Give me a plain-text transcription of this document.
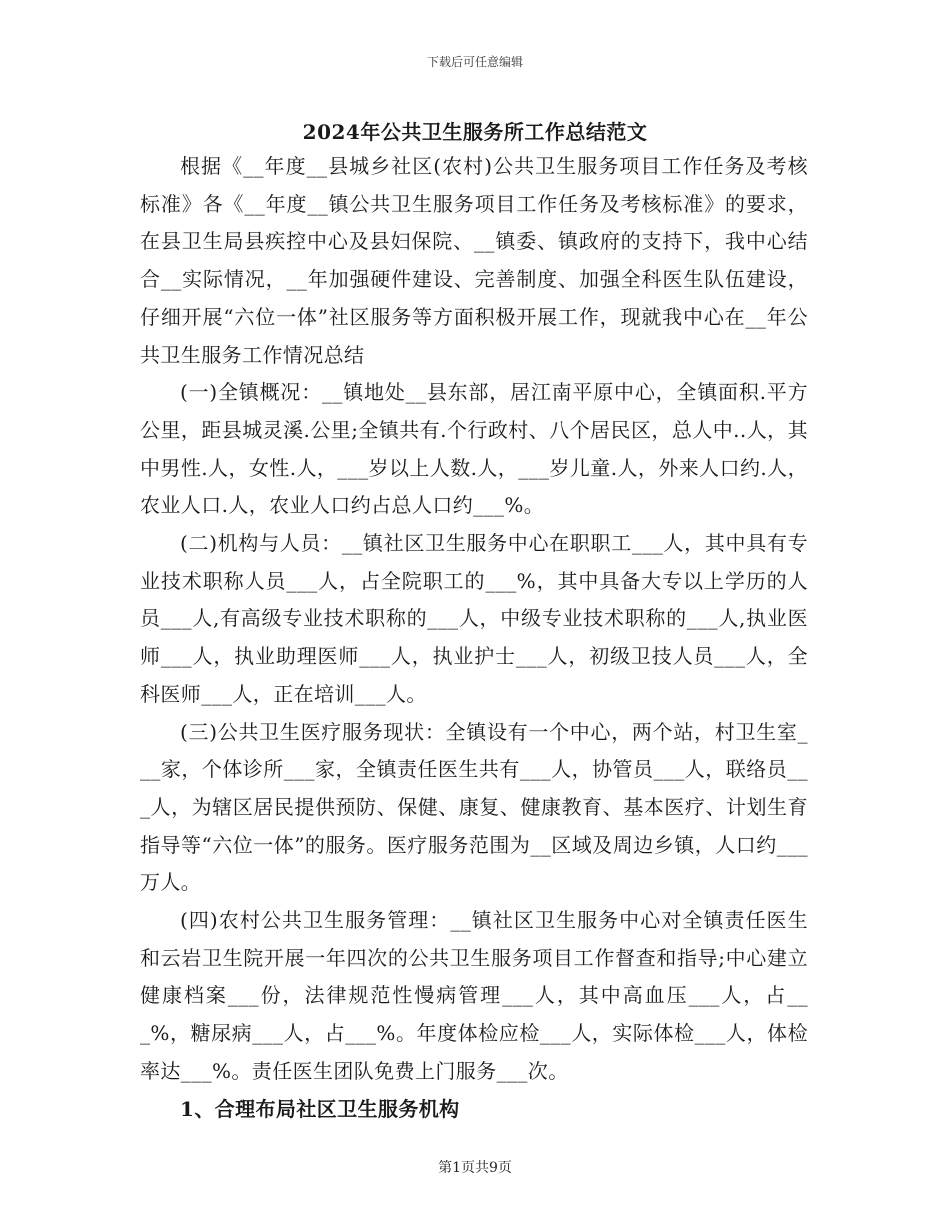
下载后可任意编辑
2024年公共卫生服务所工作总结范文

根据《__年度__县城乡社区(农村)公共卫生服务项目工作任务及考核标准》各《__年度__镇公共卫生服务项目工作任务及考核标准》的要求，在县卫生局县疾控中心及县妇保院、__镇委、镇政府的支持下，我中心结合__实际情况，__年加强硬件建设、完善制度、加强全科医生队伍建设，仔细开展“六位一体”社区服务等方面积极开展工作，现就我中心在__年公共卫生服务工作情况总结

(一)全镇概况：__镇地处__县东部，居江南平原中心，全镇面积.平方公里，距县城灵溪.公里;全镇共有.个行政村、八个居民区，总人中..人，其中男性.人，女性.人，___岁以上人数.人，___岁儿童.人，外来人口约.人，农业人口.人，农业人口约占总人口约___%。

(二)机构与人员：__镇社区卫生服务中心在职职工___人，其中具有专业技术职称人员___人，占全院职工的___%，其中具备大专以上学历的人员___人,有高级专业技术职称的___人，中级专业技术职称的___人,执业医师___人，执业助理医师___人，执业护士___人，初级卫技人员___人，全科医师___人，正在培训___人。

(三)公共卫生医疗服务现状：全镇设有一个中心，两个站，村卫生室___家，个体诊所___家，全镇责任医生共有___人，协管员___人，联络员___人，为辖区居民提供预防、保健、康复、健康教育、基本医疗、计划生育指导等“六位一体”的服务。医疗服务范围为__区域及周边乡镇，人口约___万人。

(四)农村公共卫生服务管理：__镇社区卫生服务中心对全镇责任医生和云岩卫生院开展一年四次的公共卫生服务项目工作督查和指导;中心建立健康档案___份，法律规范性慢病管理___人，其中高血压___人，占___%，糖尿病___人，占___%。年度体检应检___人，实际体检___人，体检率达___%。责任医生团队免费上门服务___次。

1、合理布局社区卫生服务机构

第1页共9页
